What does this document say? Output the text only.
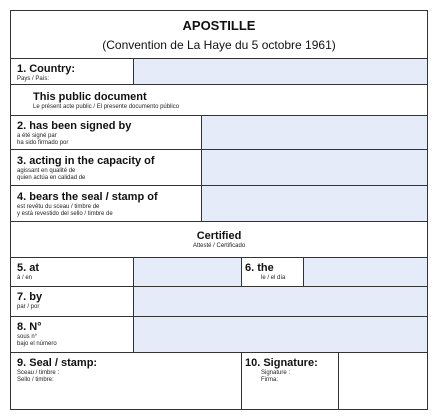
APOSTILLE
(Convention de La Haye du 5 octobre 1961)
1. Country:
Pays / País:
This public document
Le présent acte public / El presente documento público
2. has been signed by
a été signé par
ha sido firmado por
3. acting in the capacity of
agissant en qualité de
quien actúa en calidad de
4. bears the seal / stamp of
est revêtu du sceau / timbre de
y está revestido del sello / timbre de
Certified
Attesté / Certificado
5. at
à / en
6. the
le / el día
7. by
par / por
8. N°
sous n°
bajo el número
9. Seal / stamp:
Sceau / timbre :
Sello / timbre:
10. Signature:
Signature :
Firma:
